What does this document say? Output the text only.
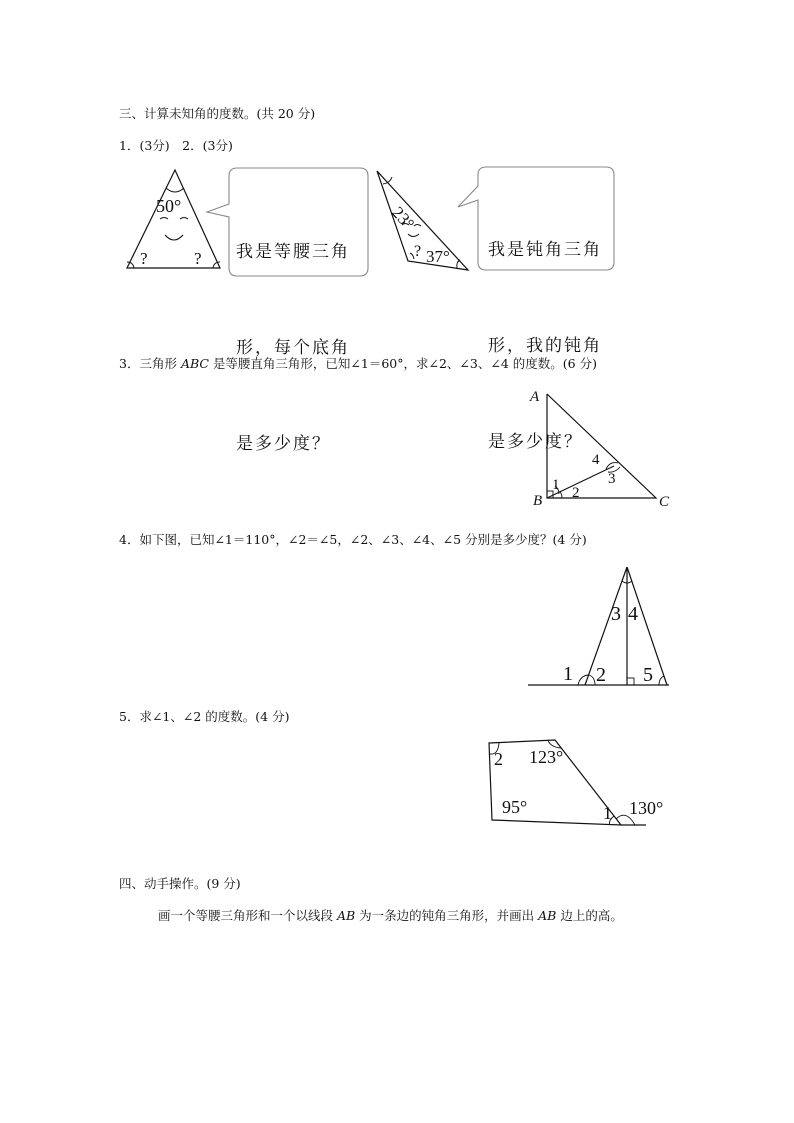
三、计算未知角的度数。(共 20 分)
1．(3分)　2．(3分)
50°
?	?

我是等腰三角

形，每个底角

是多少度？

23°
37°
?

	我是钝角三角

形，我的钝角

是多少度？

3．三角形 ABC 是等腰直角三角形，已知∠1＝60°，求∠2、∠3、∠4 的度数。(6 分)
A
B	C
1 2
3
4
4．如下图，已知∠1＝110°，∠2＝∠5，∠2、∠3、∠4、∠5 分别是多少度？(4 分)
3 4
1 2 5
5．求∠1、∠2 的度数。(4 分)
2 123°
95°	1 130°
四、动手操作。(9 分)
画一个等腰三角形和一个以线段 AB 为一条边的钝角三角形，并画出 AB 边上的高。
